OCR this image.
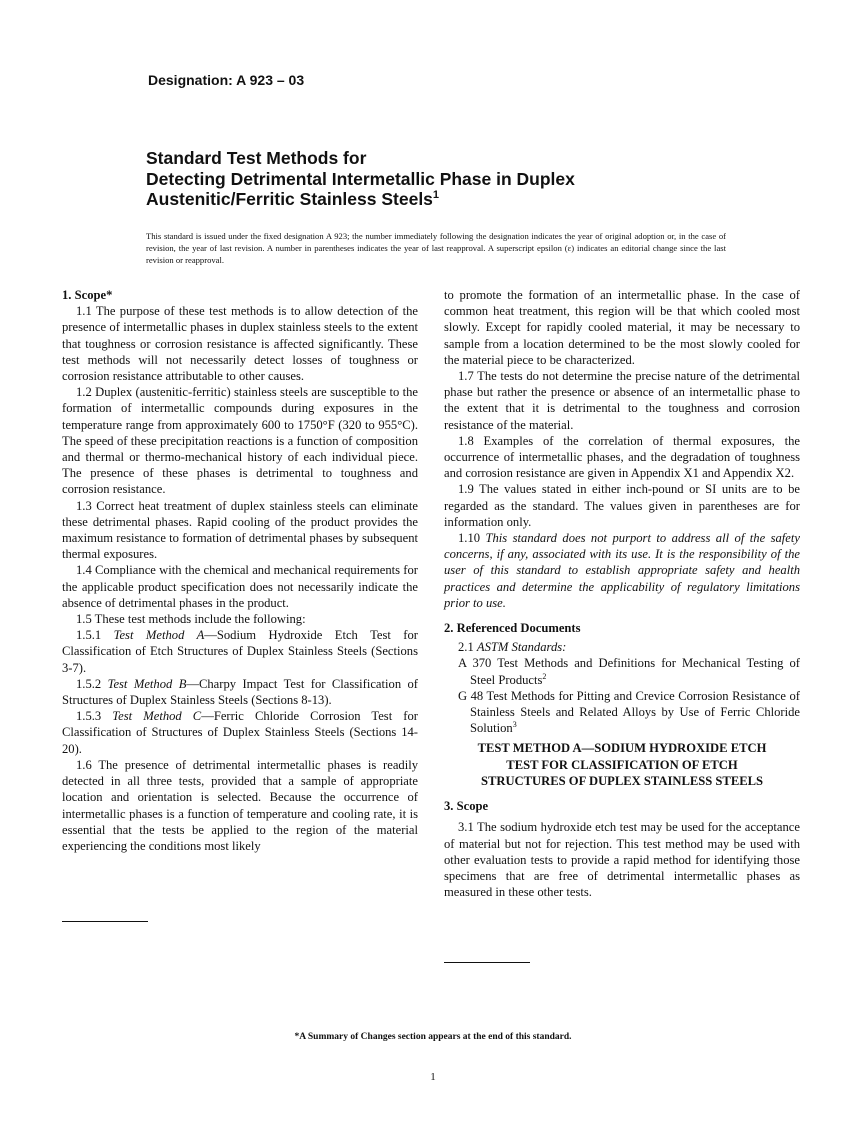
Designation: A 923 – 03
Standard Test Methods for
Detecting Detrimental Intermetallic Phase in Duplex
Austenitic/Ferritic Stainless Steels$^1$
This standard is issued under the fixed designation A 923; the number immediately following the designation indicates the year of original adoption or, in the case of revision, the year of last revision. A number in parentheses indicates the year of last reapproval. A superscript epsilon (ε) indicates an editorial change since the last revision or reapproval.

1. Scope*

1.1 The purpose of these test methods is to allow detection of the presence of intermetallic phases in duplex stainless steels to the extent that toughness or corrosion resistance is affected significantly. These test methods will not necessarily detect losses of toughness or corrosion resistance attributable to other causes.

1.2 Duplex (austenitic-ferritic) stainless steels are susceptible to the formation of intermetallic compounds during exposures in the temperature range from approximately 600 to 1750°F (320 to 955°C). The speed of these precipitation reactions is a function of composition and thermal or thermo-mechanical history of each individual piece. The presence of these phases is detrimental to toughness and corrosion resistance.

1.3 Correct heat treatment of duplex stainless steels can eliminate these detrimental phases. Rapid cooling of the product provides the maximum resistance to formation of detrimental phases by subsequent thermal exposures.

1.4 Compliance with the chemical and mechanical requirements for the applicable product specification does not necessarily indicate the absence of detrimental phases in the product.

1.5 These test methods include the following:

1.5.1 Test Method A—Sodium Hydroxide Etch Test for Classification of Etch Structures of Duplex Stainless Steels (Sections 3-7).

1.5.2 Test Method B—Charpy Impact Test for Classification of Structures of Duplex Stainless Steels (Sections 8-13).

1.5.3 Test Method C—Ferric Chloride Corrosion Test for Classification of Structures of Duplex Stainless Steels (Sections 14-20).

1.6 The presence of detrimental intermetallic phases is readily detected in all three tests, provided that a sample of appropriate location and orientation is selected. Because the occurrence of intermetallic phases is a function of temperature and cooling rate, it is essential that the tests be applied to the region of the material experiencing the conditions most likely

to promote the formation of an intermetallic phase. In the case of common heat treatment, this region will be that which cooled most slowly. Except for rapidly cooled material, it may be necessary to sample from a location determined to be the most slowly cooled for the material piece to be characterized.

1.7 The tests do not determine the precise nature of the detrimental phase but rather the presence or absence of an intermetallic phase to the extent that it is detrimental to the toughness and corrosion resistance of the material.

1.8 Examples of the correlation of thermal exposures, the occurrence of intermetallic phases, and the degradation of toughness and corrosion resistance are given in Appendix X1 and Appendix X2.

1.9 The values stated in either inch-pound or SI units are to be regarded as the standard. The values given in parentheses are for information only.

1.10 This standard does not purport to address all of the safety concerns, if any, associated with its use. It is the responsibility of the user of this standard to establish appropriate safety and health practices and determine the applicability of regulatory limitations prior to use.

2. Referenced Documents

2.1 ASTM Standards:

A 370 Test Methods and Definitions for Mechanical Testing of Steel Products$^2$

G 48 Test Methods for Pitting and Crevice Corrosion Resistance of Stainless Steels and Related Alloys by Use of Ferric Chloride Solution$^3$

TEST METHOD A—SODIUM HYDROXIDE ETCH
TEST FOR CLASSIFICATION OF ETCH
STRUCTURES OF DUPLEX STAINLESS STEELS

3. Scope

3.1 The sodium hydroxide etch test may be used for the acceptance of material but not for rejection. This test method may be used with other evaluation tests to provide a rapid method for identifying those specimens that are free of detrimental intermetallic phases as measured in these other tests.

*A Summary of Changes section appears at the end of this standard.
1
